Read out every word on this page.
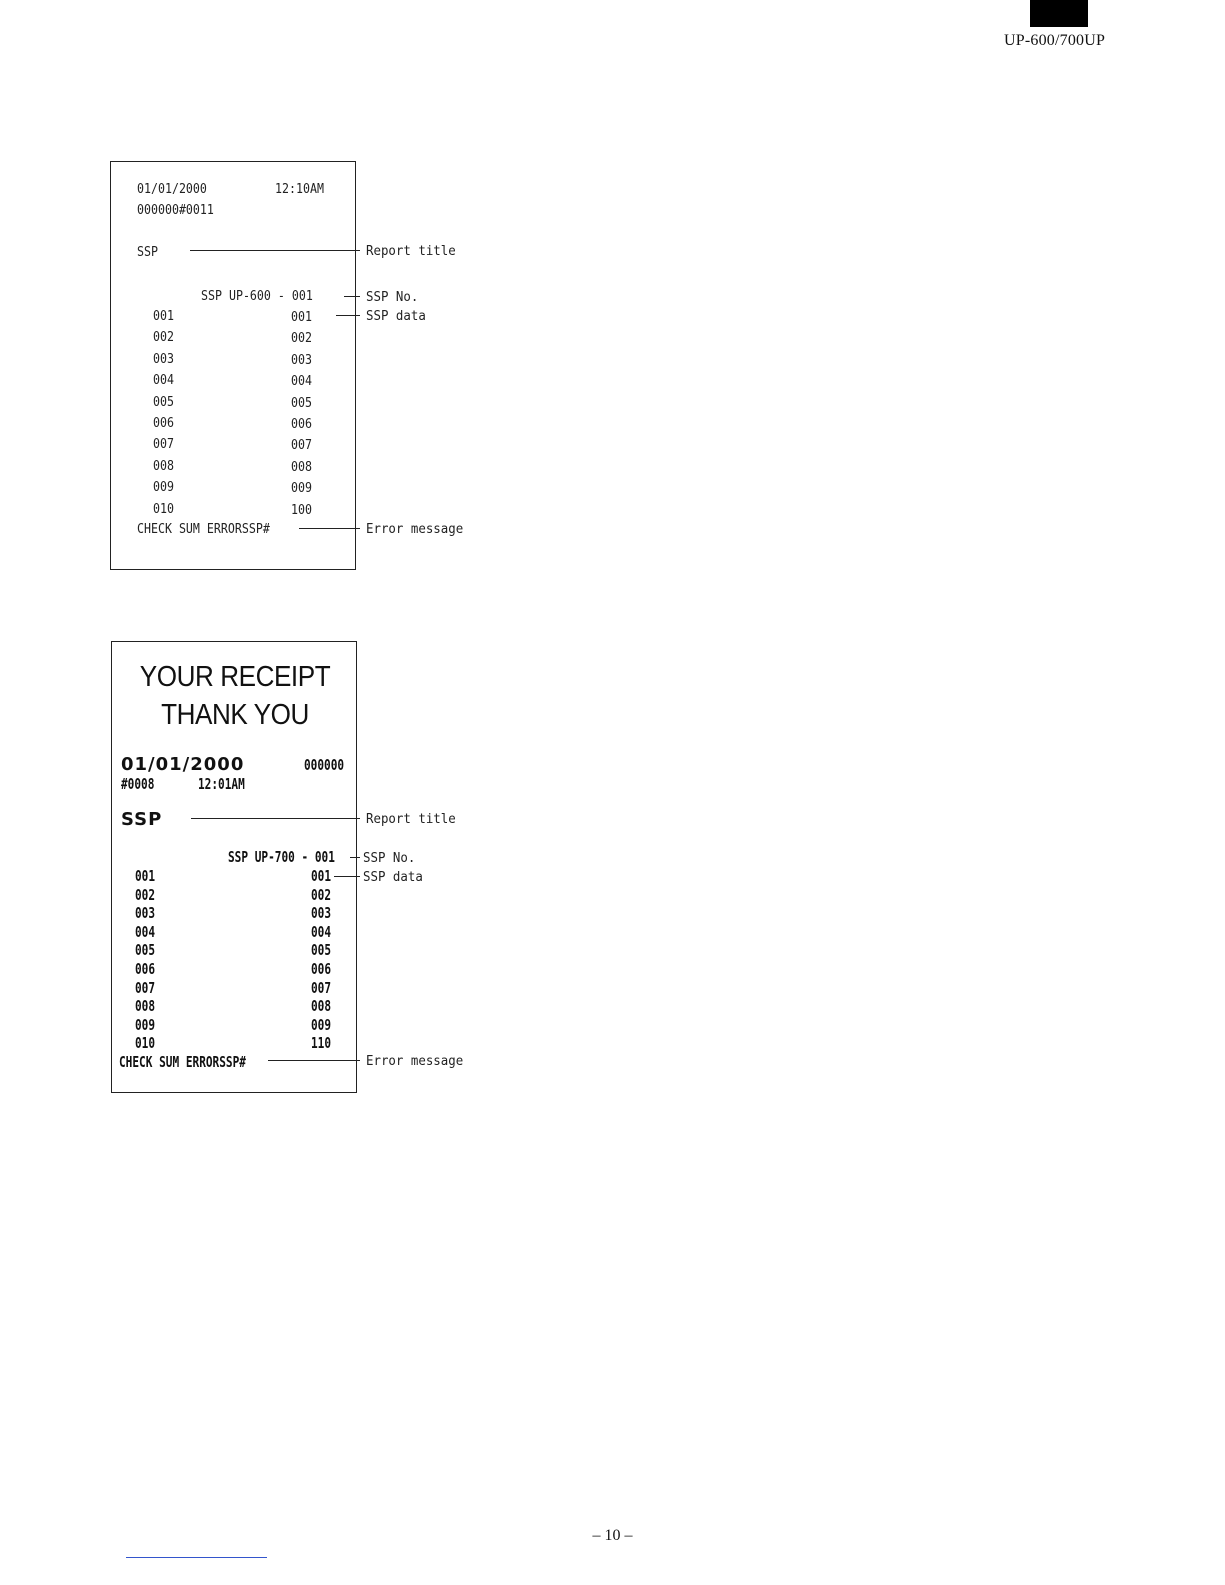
UP-600/700UP
01/01/2000	12:10AM
000000#0011
SSP
SSP UP-600 - 001
001	001
002	002
003	003
004	004
005	005
006	006
007	007
008	008
009	009
010	100
CHECK SUM ERRORSSP#
Report title
SSP No.
SSP data
Error message
YOUR RECEIPT
THANK YOU
01/01/2000	000000
#0008	12:01AM
SSP
SSP UP-700 - 001
001	001
002	002
003	003
004	004
005	005
006	006
007	007
008	008
009	009
010	110
CHECK SUM ERRORSSP#
Report title
SSP No.
SSP data
Error message
– 10 –
